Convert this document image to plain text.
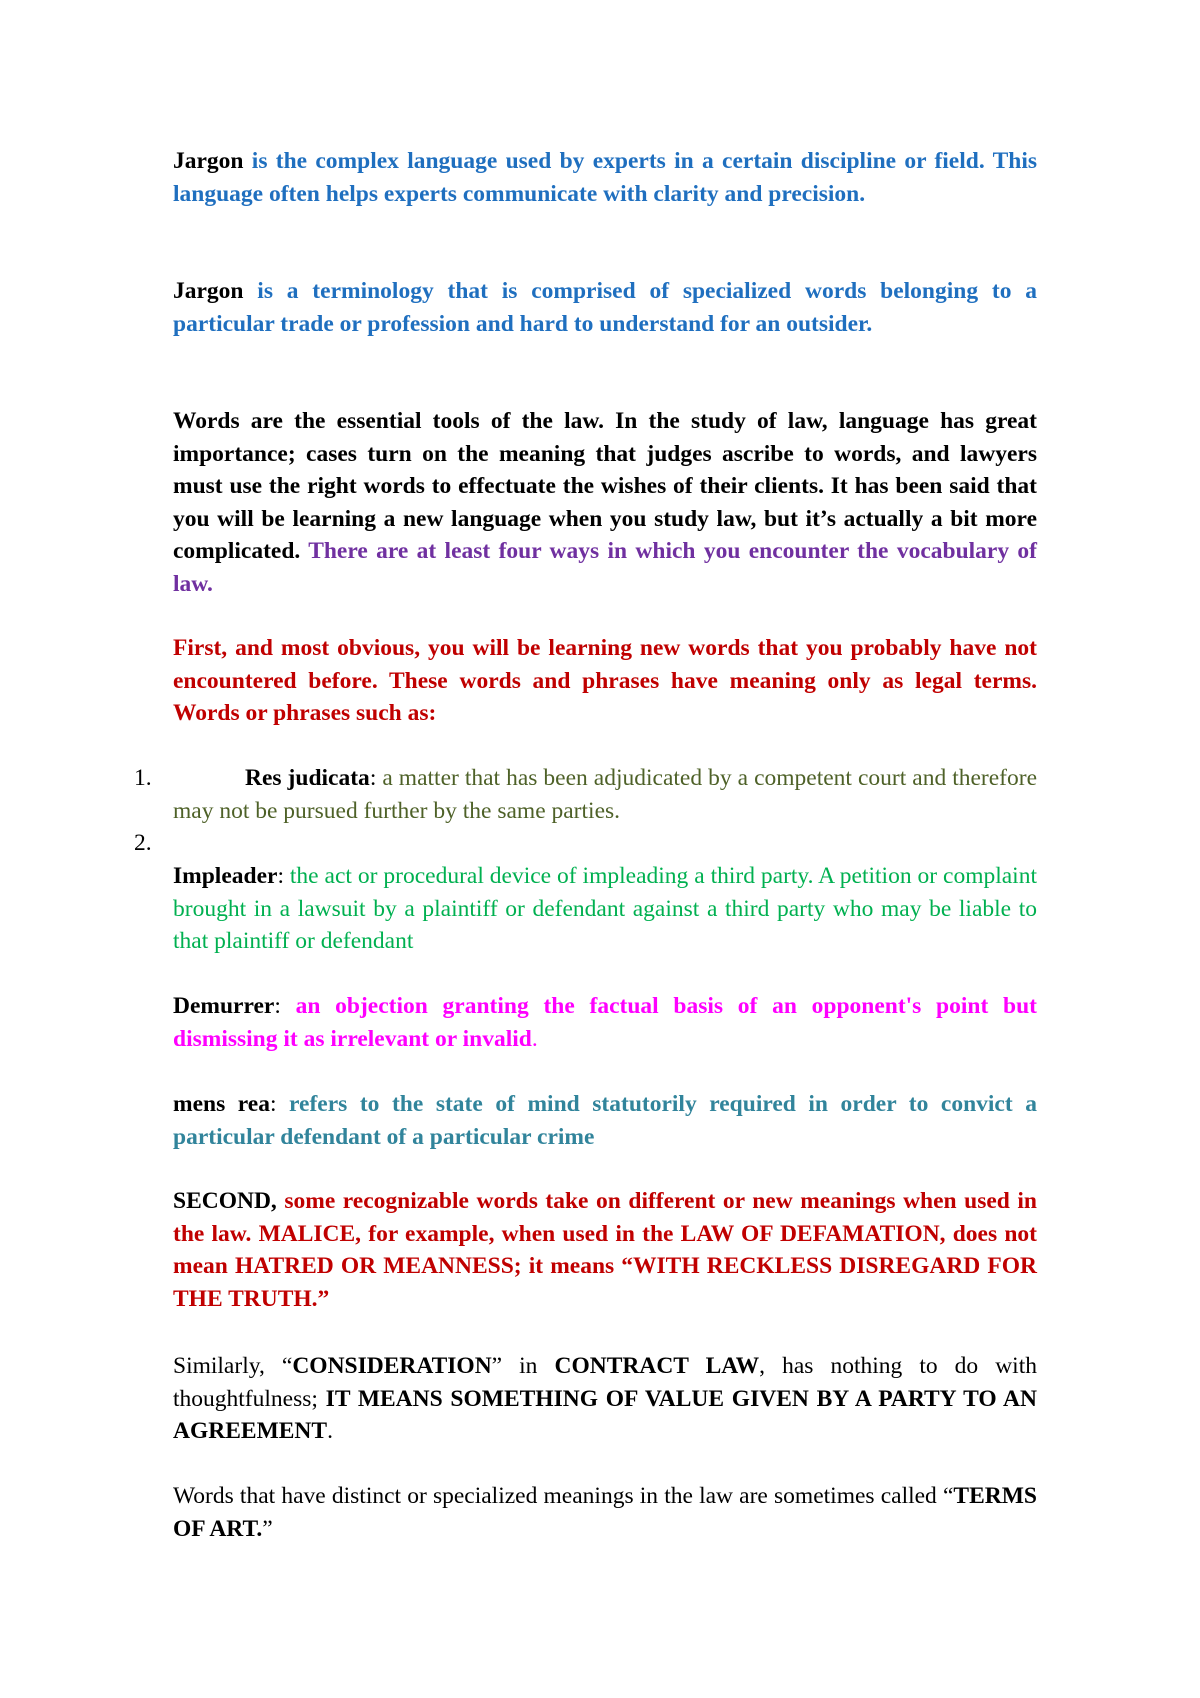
Jargon is the complex language used by experts in a certain discipline or field. This language often helps experts communicate with clarity and precision.

Jargon is a terminology that is comprised of specialized words belonging to a particular trade or profession and hard to understand for an outsider.

Words are the essential tools of the law. In the study of law, language has great importance; cases turn on the meaning that judges ascribe to words, and lawyers must use the right words to effectuate the wishes of their clients. It has been said that you will be learning a new language when you study law, but it’s actually a bit more complicated. There are at least four ways in which you encounter the vocabulary of law.

First, and most obvious, you will be learning new words that you probably have not encountered before. These words and phrases have meaning only as legal terms. Words or phrases such as:

1.	Res judicata: a matter that has been adjudicated by a competent court and therefore may not be pursued further by the same parties.

2.

Impleader: the act or procedural device of impleading a third party. A petition or complaint brought in a lawsuit by a plaintiff or defendant against a third party who may be liable to that plaintiff or defendant

Demurrer: an objection granting the factual basis of an opponent's point but dismissing it as irrelevant or invalid.

mens rea: refers to the state of mind statutorily required in order to convict a particular defendant of a particular crime

SECOND, some recognizable words take on different or new meanings when used in the law. MALICE, for example, when used in the LAW OF DEFAMATION, does not mean HATRED OR MEANNESS; it means “WITH RECKLESS DISREGARD FOR THE TRUTH.”

Similarly, “CONSIDERATION” in CONTRACT LAW, has nothing to do with thoughtfulness; IT MEANS SOMETHING OF VALUE GIVEN BY A PARTY TO AN AGREEMENT.

Words that have distinct or specialized meanings in the law are sometimes called “TERMS OF ART.”
